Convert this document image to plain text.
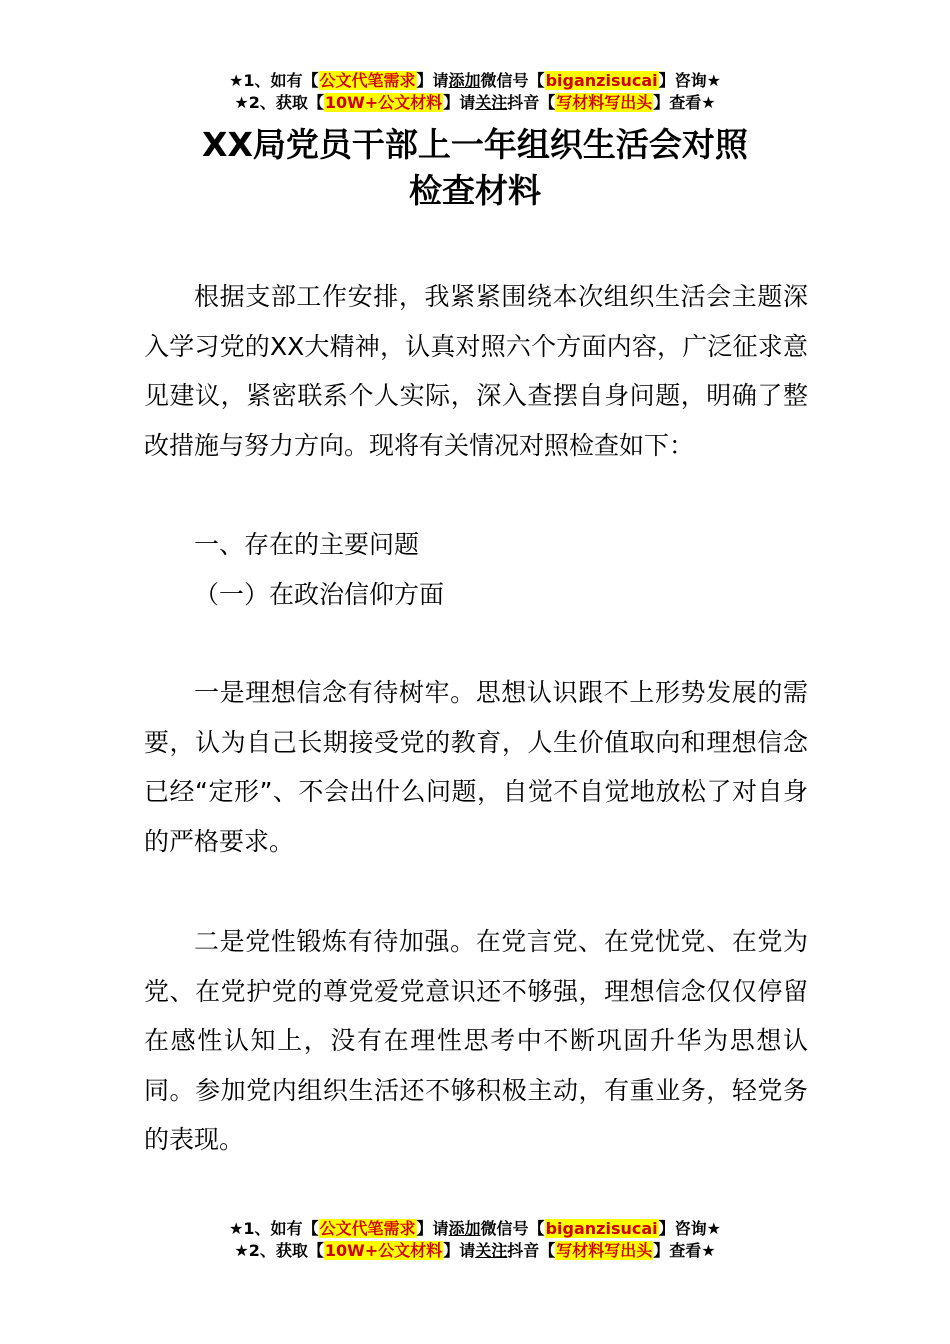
★1、如有【公文代笔需求】请添加微信号【biganzisucai】咨询★
★2、获取【10W+公文材料】请关注抖音【写材料写出头】查看★
XX局党员干部上一年组织生活会对照
检查材料

根据支部工作安排，我紧紧围绕本次组织生活会主题深入学习党的XX大精神，认真对照六个方面内容，广泛征求意见建议，紧密联系个人实际，深入查摆自身问题，明确了整改措施与努力方向。现将有关情况对照检查如下：

一、存在的主要问题

（一）在政治信仰方面

一是理想信念有待树牢。思想认识跟不上形势发展的需要，认为自己长期接受党的教育，人生价值取向和理想信念已经“定形”、不会出什么问题，自觉不自觉地放松了对自身的严格要求。

二是党性锻炼有待加强。在党言党、在党忧党、在党为党、在党护党的尊党爱党意识还不够强，理想信念仅仅停留在感性认知上，没有在理性思考中不断巩固升华为思想认同。参加党内组织生活还不够积极主动，有重业务，轻党务的表现。

★1、如有【公文代笔需求】请添加微信号【biganzisucai】咨询★
★2、获取【10W+公文材料】请关注抖音【写材料写出头】查看★
